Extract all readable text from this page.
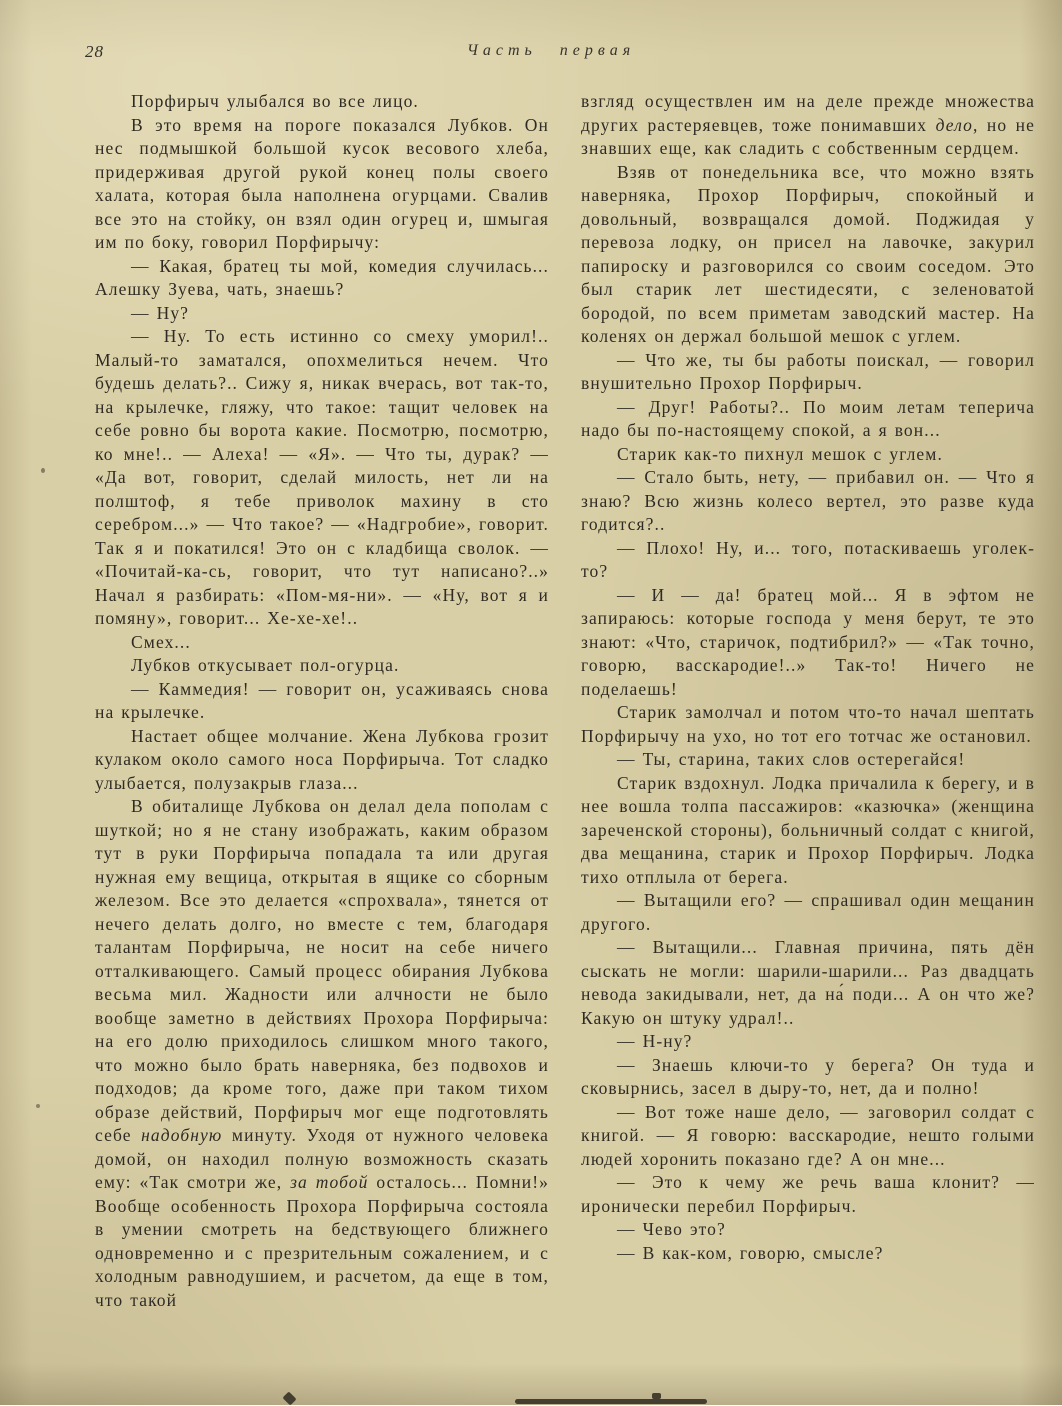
28	Часть первая

Порфирыч улыбался во все лицо.

В это время на пороге показался Лубков. Он нес подмышкой большой кусок весового хлеба, придерживая другой рукой конец полы своего халата, которая была наполнена огурцами. Свалив все это на стойку, он взял один огурец и, шмыгая им по боку, говорил Порфирычу:

— Какая, братец ты мой, комедия случилась... Алешку Зуева, чать, знаешь?

— Ну?

— Ну. То есть истинно со смеху уморил!.. Малый-то заматался, опохмелиться нечем. Что будешь делать?.. Сижу я, никак вчерась, вот так-то, на крылечке, гляжу, что такое: тащит человек на себе ровно бы ворота какие. Посмотрю, посмотрю, ко мне!.. — Алеха! — «Я». — Что ты, дурак? — «Да вот, говорит, сделай милость, нет ли на полштоф, я тебе приволок махину в сто серебром...» — Что такое? — «Надгробие», говорит. Так я и покатился! Это он с кладбища сволок. — «Почитай-ка-сь, говорит, что тут написано?..» Начал я разбирать: «Пом-мя-ни». — «Ну, вот я и помяну», говорит... Хе-хе-хе!..

Смех...

Лубков откусывает пол-огурца.

— Каммедия! — говорит он, усаживаясь снова на крылечке.

Настает общее молчание. Жена Лубкова грозит кулаком около самого носа Порфирыча. Тот сладко улыбается, полузакрыв глаза...

В обиталище Лубкова он делал дела пополам с шуткой; но я не стану изображать, каким образом тут в руки Порфирыча попадала та или другая нужная ему вещица, открытая в ящике со сборным железом. Все это делается «спрохвала», тянется от нечего делать долго, но вместе с тем, благодаря талантам Порфирыча, не носит на себе ничего отталкивающего. Самый процесс обирания Лубкова весьма мил. Жадности или алчности не было вообще заметно в действиях Прохора Порфирыча: на его долю приходилось слишком много такого, что можно было брать наверняка, без подвохов и подходов; да кроме того, даже при таком тихом образе действий, Порфирыч мог еще подготовлять себе надобную минуту. Уходя от нужного человека домой, он находил полную возможность сказать ему: «Так смотри же, за тобой осталось... Помни!» Вообще особенность Прохора Порфирыча состояла в умении смотреть на бедствующего ближнего одновременно и с презрительным сожалением, и с холодным равнодушием, и расчетом, да еще в том, что такой

взгляд осуществлен им на деле прежде множества других растеряевцев, тоже понимавших дело, но не знавших еще, как сладить с собственным сердцем.

Взяв от понедельника все, что можно взять наверняка, Прохор Порфирыч, спокойный и довольный, возвращался домой. Поджидая у перевоза лодку, он присел на лавочке, закурил папироску и разговорился со своим соседом. Это был старик лет шестидесяти, с зеленоватой бородой, по всем приметам заводский мастер. На коленях он держал большой мешок с углем.

— Что же, ты бы работы поискал, — говорил внушительно Прохор Порфирыч.

— Друг! Работы?.. По моим летам теперича надо бы по-настоящему спокой, а я вон...

Старик как-то пихнул мешок с углем.

— Стало быть, нету, — прибавил он. — Что я знаю? Всю жизнь колесо вертел, это разве куда годится?..

— Плохо! Ну, и... того, потаскиваешь уголек-то?

— И — да! братец мой... Я в эфтом не запираюсь: которые господа у меня берут, те это знают: «Что, старичок, подтибрил?» — «Так точно, говорю, васскародие!..» Так-то! Ничего не поделаешь!

Старик замолчал и потом что-то начал шептать Порфирычу на ухо, но тот его тотчас же остановил.

— Ты, старина, таких слов остерегайся!

Старик вздохнул. Лодка причалила к берегу, и в нее вошла толпа пассажиров: «казючка» (женщина зареченской стороны), больничный солдат с книгой, два мещанина, старик и Прохор Порфирыч. Лодка тихо отплыла от берега.

— Вытащили его? — спрашивал один мещанин другого.

— Вытащили... Главная причина, пять дён сыскать не могли: шарили-шарили... Раз двадцать невода закидывали, нет, да на́ поди... А он что же? Какую он штуку удрал!..

— Н-ну?

— Знаешь ключи-то у берега? Он туда и сковырнись, засел в дыру-то, нет, да и полно!

— Вот тоже наше дело, — заговорил солдат с книгой. — Я говорю: васскародие, нешто голыми людей хоронить показано где? А он мне...

— Это к чему же речь ваша клонит? — иронически перебил Порфирыч.

— Чево это?

— В как-ком, говорю, смысле?
